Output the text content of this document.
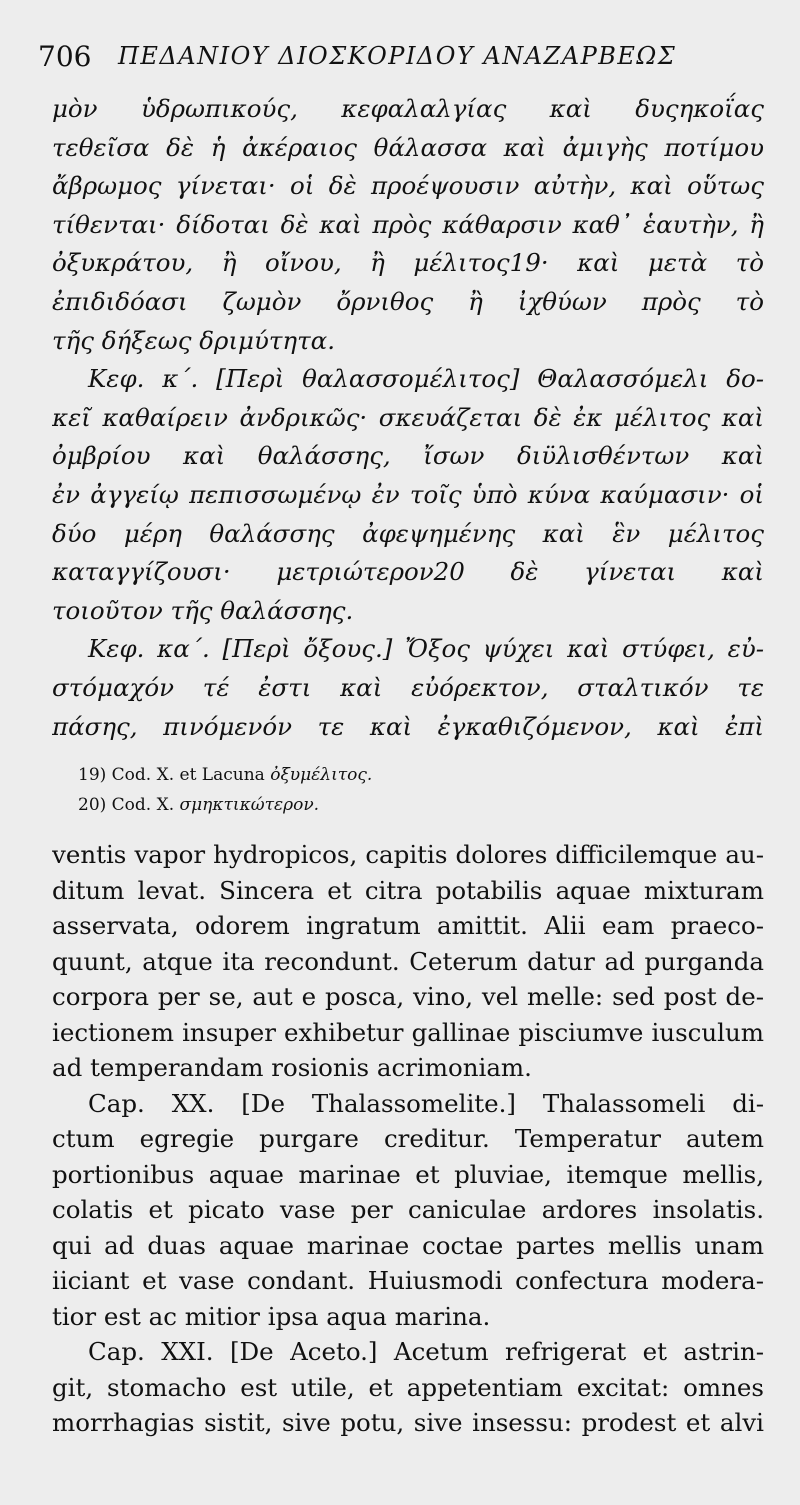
706 ΠΕΔΑΝΙΟΥ ΔΙΟΣΚΟΡΙΔΟΥ ΑΝΑΖΑΡΒΕΩΣ
μὸν ὑδρωπικούς, κεφαλαλγίας καὶ δυςηκοΐας
τεθεῖσα δὲ ἡ ἀκέραιος θάλασσα καὶ ἀμιγὴς ποτίμου
ἄβρωμος γίνεται· οἱ δὲ προέψουσιν αὐτὴν, καὶ οὕτως
τίθενται· δίδοται δὲ καὶ πρὸς κάθαρσιν καθ᾽ ἑαυτὴν, ἢ
ὀξυκράτου, ἢ οἴνου, ἢ μέλιτος19· καὶ μετὰ τὸ
ἐπιδιδόασι ζωμὸν ὄρνιθος ἢ ἰχθύων πρὸς τὸ
τῆς δήξεως δριμύτητα.
Κεφ. κ΄. [Περὶ θαλασσομέλιτος] Θαλασσόμελι δο-
κεῖ καθαίρειν ἀνδρικῶς· σκευάζεται δὲ ἐκ μέλιτος καὶ
ὀμβρίου καὶ θαλάσσης, ἴσων διϋλισθέντων καὶ
ἐν ἀγγείῳ πεπισσωμένῳ ἐν τοῖς ὑπὸ κύνα καύμασιν· οἱ
δύο μέρη θαλάσσης ἀφεψημένης καὶ ἓν μέλιτος
καταγγίζουσι· μετριώτερον20 δὲ γίνεται καὶ
τοιοῦτον τῆς θαλάσσης.
Κεφ. κα΄. [Περὶ ὄξους.] Ὄξος ψύχει καὶ στύφει, εὐ-
στόμαχόν τέ ἐστι καὶ εὐόρεκτον, σταλτικόν τε
πάσης, πινόμενόν τε καὶ ἐγκαθιζόμενον, καὶ ἐπὶ
19) Cod. X. et Lacuna ὀξυμέλιτος.
20) Cod. X. σμηκτικώτερον.
ventis vapor hydropicos, capitis dolores difficilemque au-
ditum levat. Sincera et citra potabilis aquae mixturam
asservata, odorem ingratum amittit. Alii eam praeco-
quunt, atque ita recondunt. Ceterum datur ad purganda
corpora per se, aut e posca, vino, vel melle: sed post de-
iectionem insuper exhibetur gallinae pisciumve iusculum
ad temperandam rosionis acrimoniam.
Cap. XX. [De Thalassomelite.] Thalassomeli di-
ctum egregie purgare creditur. Temperatur autem
portionibus aquae marinae et pluviae, itemque mellis,
colatis et picato vase per caniculae ardores insolatis.
qui ad duas aquae marinae coctae partes mellis unam
iiciant et vase condant. Huiusmodi confectura modera-
tior est ac mitior ipsa aqua marina.
Cap. XXI. [De Aceto.] Acetum refrigerat et astrin-
git, stomacho est utile, et appetentiam excitat: omnes
morrhagias sistit, sive potu, sive insessu: prodest et alvi
